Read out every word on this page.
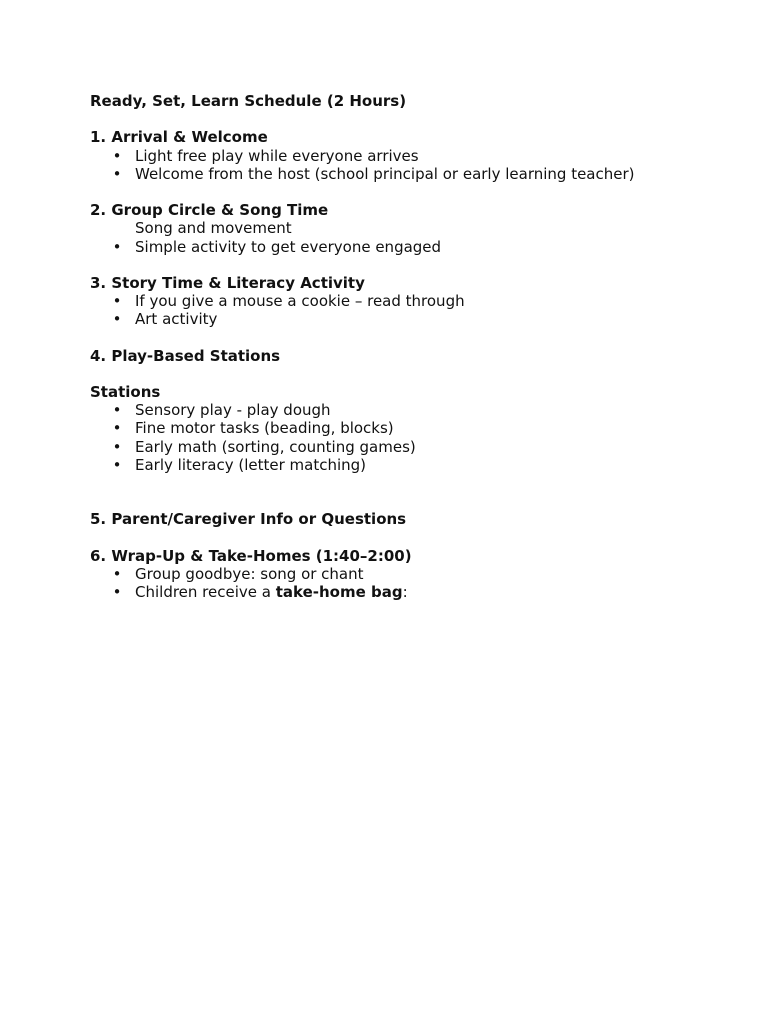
Ready, Set, Learn Schedule (2 Hours)
1. Arrival & Welcome
• Light free play while everyone arrives
• Welcome from the host (school principal or early learning teacher)
2. Group Circle & Song Time
Song and movement
• Simple activity to get everyone engaged
3. Story Time & Literacy Activity
• If you give a mouse a cookie – read through
• Art activity
4. Play-Based Stations
Stations
• Sensory play - play dough
• Fine motor tasks (beading, blocks)
• Early math (sorting, counting games)
• Early literacy (letter matching)
5. Parent/Caregiver Info or Questions
6. Wrap-Up & Take-Homes (1:40–2:00)
• Group goodbye: song or chant
• Children receive a take-home bag:
